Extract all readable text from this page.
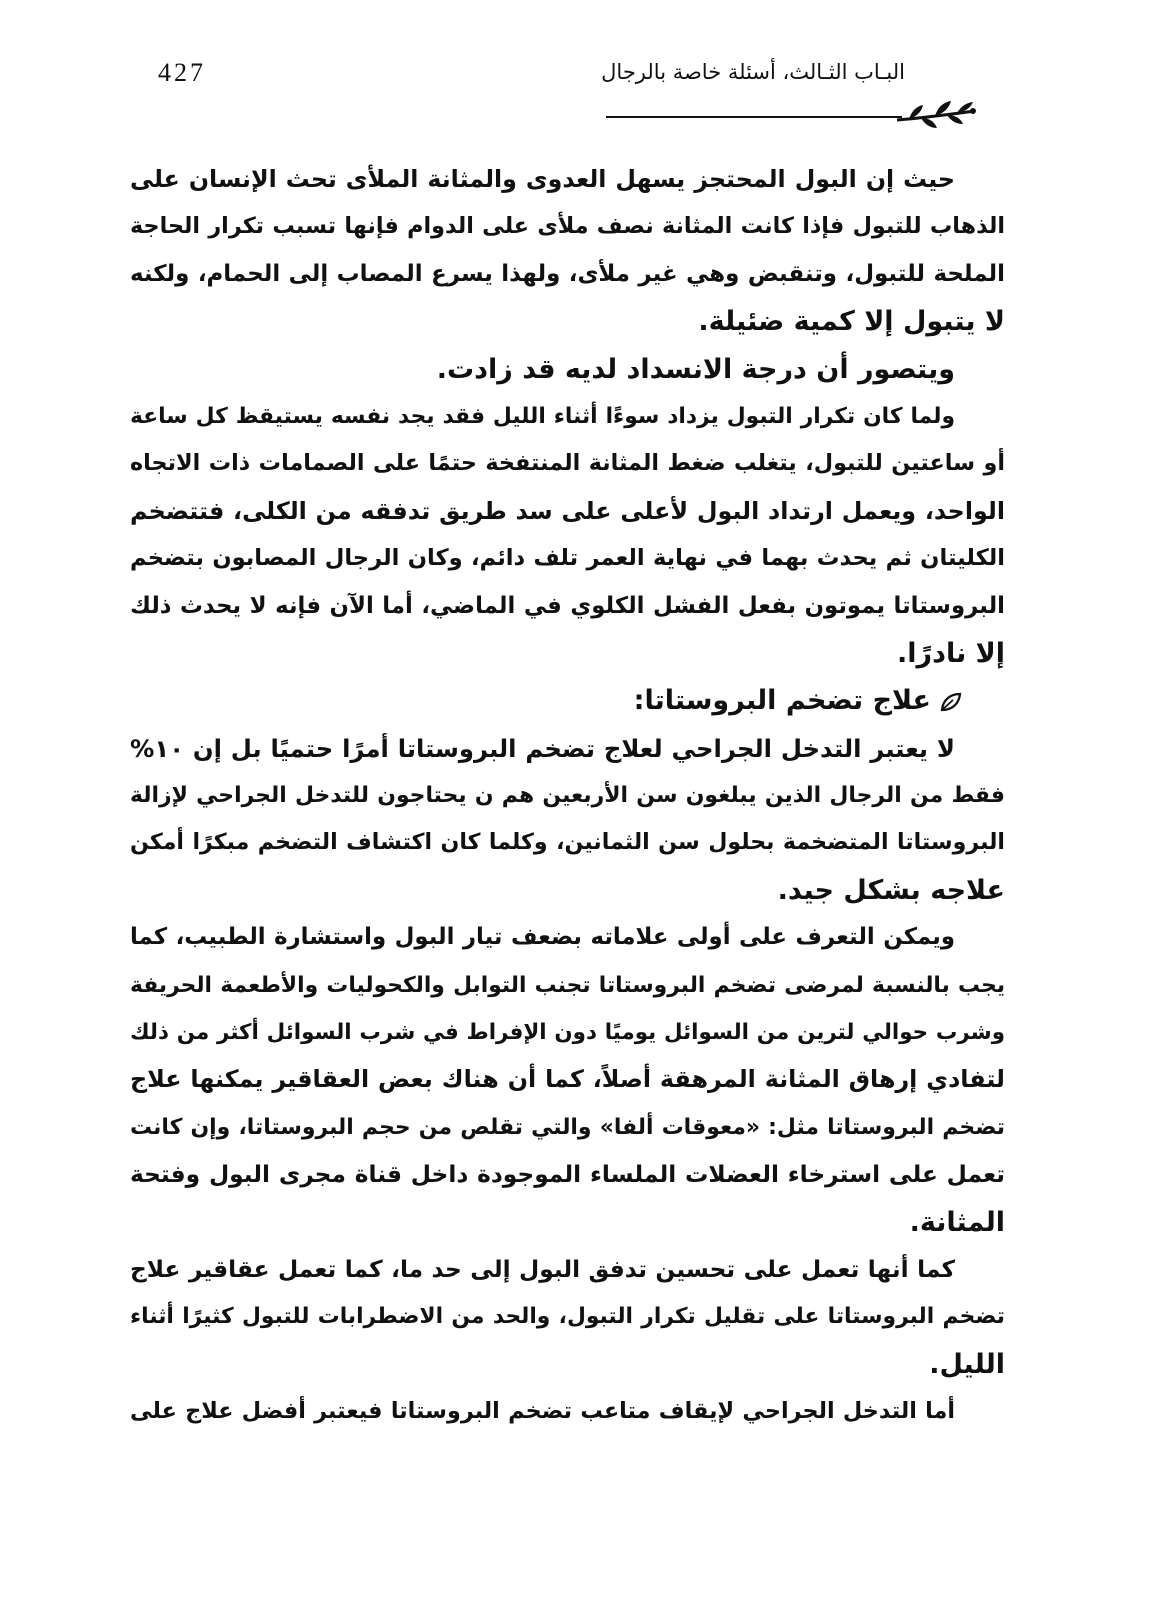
427	البـاب الثـالث، أسئلة خاصة بالرجال
حيث إن البول المحتجز يسهل العدوى والمثانة الملأى تحث الإنسان على
الذهاب للتبول فإذا كانت المثانة نصف ملأى على الدوام فإنها تسبب تكرار الحاجة
الملحة للتبول، وتنقبض وهي غير ملأى، ولهذا يسرع المصاب إلى الحمام، ولكنه
لا يتبول إلا كمية ضئيلة.
ويتصور أن درجة الانسداد لديه قد زادت.
ولما كان تكرار التبول يزداد سوءًا أثناء الليل فقد يجد نفسه يستيقظ كل ساعة
أو ساعتين للتبول، يتغلب ضغط المثانة المنتفخة حتمًا على الصمامات ذات الاتجاه
الواحد، ويعمل ارتداد البول لأعلى على سد طريق تدفقه من الكلى، فتتضخم
الكليتان ثم يحدث بهما في نهاية العمر تلف دائم، وكان الرجال المصابون بتضخم
البروستاتا يموتون بفعل الفشل الكلوي في الماضي، أما الآن فإنه لا يحدث ذلك
إلا نادرًا.
علاج تضخم البروستاتا:
لا يعتبر التدخل الجراحي لعلاج تضخم البروستاتا أمرًا حتميًا بل إن ١٠%
فقط من الرجال الذين يبلغون سن الأربعين هم ن يحتاجون للتدخل الجراحي لإزالة
البروستاتا المتضخمة بحلول سن الثمانين، وكلما كان اكتشاف التضخم مبكرًا أمكن
علاجه بشكل جيد.
ويمكن التعرف على أولى علاماته بضعف تيار البول واستشارة الطبيب، كما
يجب بالنسبة لمرضى تضخم البروستاتا تجنب التوابل والكحوليات والأطعمة الحريفة
وشرب حوالي لترين من السوائل يوميًا دون الإفراط في شرب السوائل أكثر من ذلك
لتفادي إرهاق المثانة المرهقة أصلاً، كما أن هناك بعض العقاقير يمكنها علاج
تضخم البروستاتا مثل: «معوقات ألفا» والتي تقلص من حجم البروستاتا، وإن كانت
تعمل على استرخاء العضلات الملساء الموجودة داخل قناة مجرى البول وفتحة
المثانة.
كما أنها تعمل على تحسين تدفق البول إلى حد ما، كما تعمل عقاقير علاج
تضخم البروستاتا على تقليل تكرار التبول، والحد من الاضطرابات للتبول كثيرًا أثناء
الليل.
أما التدخل الجراحي لإيقاف متاعب تضخم البروستاتا فيعتبر أفضل علاج على
